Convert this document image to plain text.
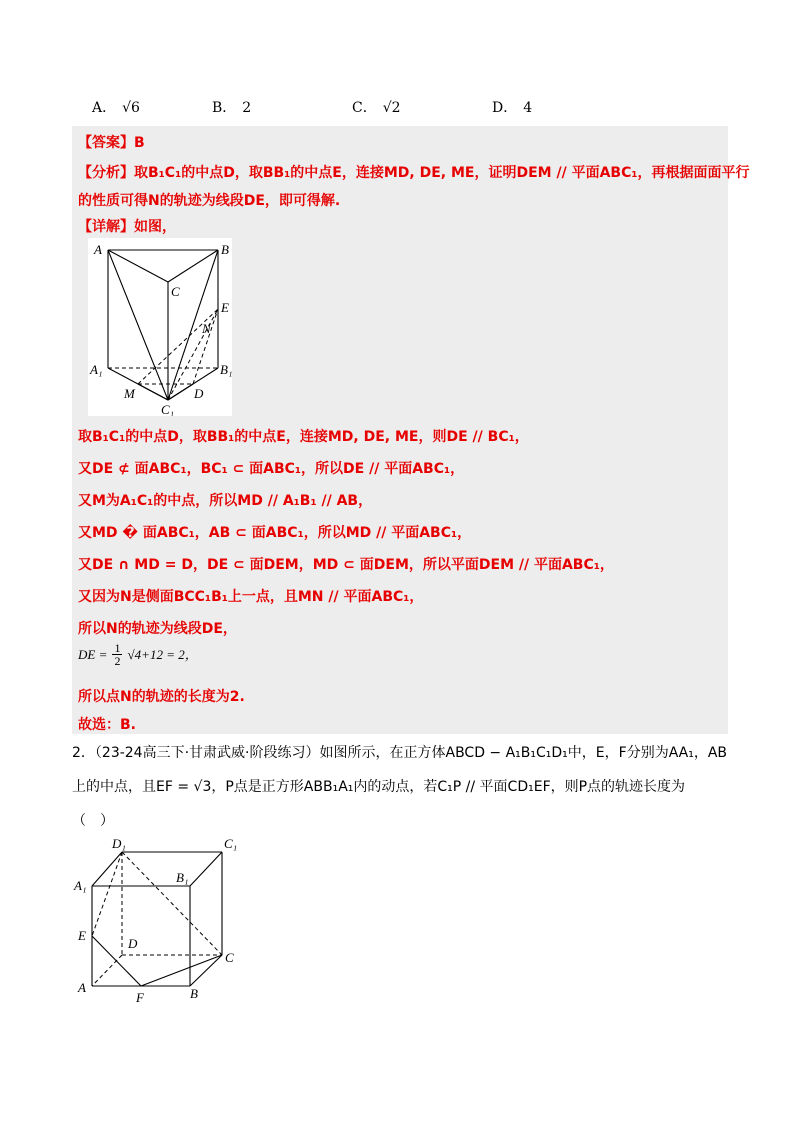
A． √6	B． 2	C． √2	D． 4
【答案】B
【分析】取B₁C₁的中点D，取BB₁的中点E，连接MD, DE, ME，证明DEM // 平面ABC₁，再根据面面平行
的性质可得N的轨迹为线段DE，即可得解.
【详解】如图，
A	B
C
E
N
A₁	B₁
M	D
C₁
取B₁C₁的中点D，取BB₁的中点E，连接MD, DE, ME，则DE // BC₁，
又DE ⊄ 面ABC₁，BC₁ ⊂ 面ABC₁，所以DE // 平面ABC₁，
又M为A₁C₁的中点，所以MD // A₁B₁ // AB，
又MD � 面ABC₁，AB ⊂ 面ABC₁，所以MD // 平面ABC₁，
又DE ∩ MD = D，DE ⊂ 面DEM，MD ⊂ 面DEM，所以平面DEM // 平面ABC₁，
又因为N是侧面BCC₁B₁上一点，且MN // 平面ABC₁，
所以N的轨迹为线段DE，
DE = $\frac{1}{2} √4+12 = 2$，
所以点N的轨迹的长度为2.
故选：B.
2．（23-24高三下·甘肃武威·阶段练习）如图所示，在正方体ABCD − A₁B₁C₁D₁中，E，F分别为AA₁，AB
上的中点，且EF = √3，P点是正方形ABB₁A₁内的动点，若C₁P // 平面CD₁EF，则P点的轨迹长度为
（　）
D₁	C₁
A₁
B₁
E
D
C
A
F	B
